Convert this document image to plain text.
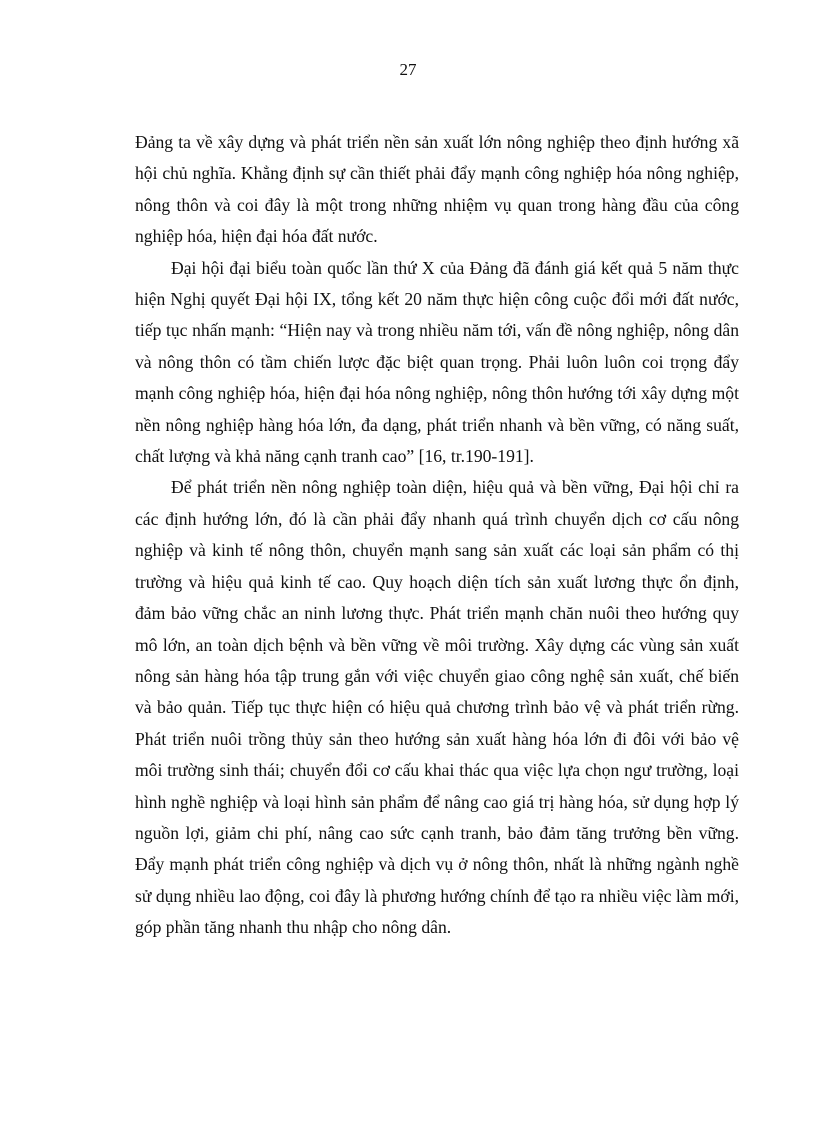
27

Đảng ta về xây dựng và phát triển nền sản xuất lớn nông nghiệp theo định hướng xã hội chủ nghĩa. Khẳng định sự cần thiết phải đẩy mạnh công nghiệp hóa nông nghiệp, nông thôn và coi đây là một trong những nhiệm vụ quan trong hàng đầu của công nghiệp hóa, hiện đại hóa đất nước.

Đại hội đại biểu toàn quốc lần thứ X của Đảng đã đánh giá kết quả 5 năm thực hiện Nghị quyết Đại hội IX, tổng kết 20 năm thực hiện công cuộc đổi mới đất nước, tiếp tục nhấn mạnh: “Hiện nay và trong nhiều năm tới, vấn đề nông nghiệp, nông dân và nông thôn có tầm chiến lược đặc biệt quan trọng. Phải luôn luôn coi trọng đẩy mạnh công nghiệp hóa, hiện đại hóa nông nghiệp, nông thôn hướng tới xây dựng một nền nông nghiệp hàng hóa lớn, đa dạng, phát triển nhanh và bền vững, có năng suất, chất lượng và khả năng cạnh tranh cao” [16, tr.190-191].

Để phát triển nền nông nghiệp toàn diện, hiệu quả và bền vững, Đại hội chỉ ra các định hướng lớn, đó là cần phải đẩy nhanh quá trình chuyển dịch cơ cấu nông nghiệp và kinh tế nông thôn, chuyển mạnh sang sản xuất các loại sản phẩm có thị trường và hiệu quả kinh tế cao. Quy hoạch diện tích sản xuất lương thực ổn định, đảm bảo vững chắc an ninh lương thực. Phát triển mạnh chăn nuôi theo hướng quy mô lớn, an toàn dịch bệnh và bền vững về môi trường. Xây dựng các vùng sản xuất nông sản hàng hóa tập trung gắn với việc chuyển giao công nghệ sản xuất, chế biến và bảo quản. Tiếp tục thực hiện có hiệu quả chương trình bảo vệ và phát triển rừng. Phát triển nuôi trồng thủy sản theo hướng sản xuất hàng hóa lớn đi đôi với bảo vệ môi trường sinh thái; chuyển đổi cơ cấu khai thác qua việc lựa chọn ngư trường, loại hình nghề nghiệp và loại hình sản phẩm để nâng cao giá trị hàng hóa, sử dụng hợp lý nguồn lợi, giảm chi phí, nâng cao sức cạnh tranh, bảo đảm tăng trưởng bền vững. Đẩy mạnh phát triển công nghiệp và dịch vụ ở nông thôn, nhất là những ngành nghề sử dụng nhiều lao động, coi đây là phương hướng chính để tạo ra nhiều việc làm mới, góp phần tăng nhanh thu nhập cho nông dân.
